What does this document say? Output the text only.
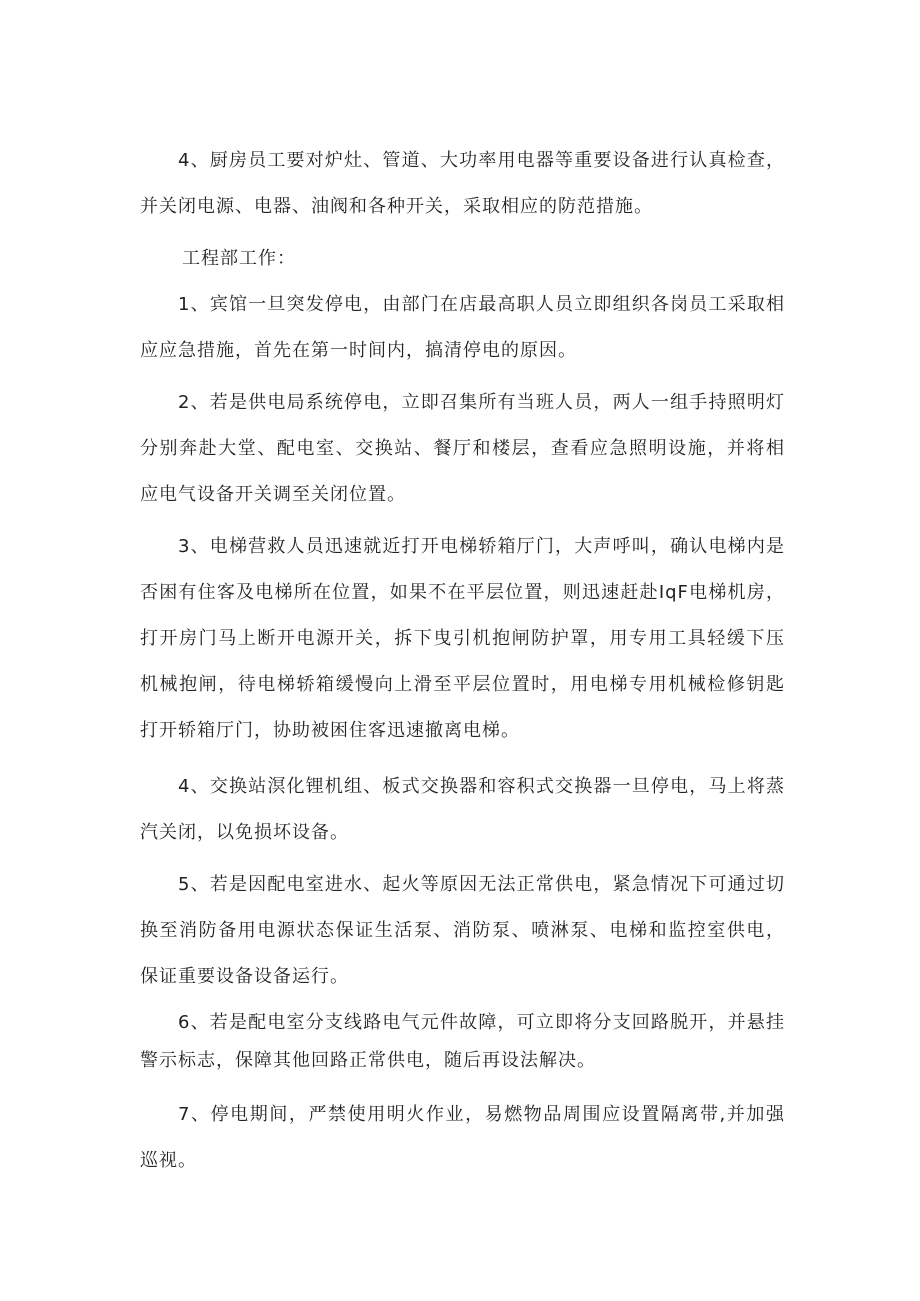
4、厨房员工要对炉灶、管道、大功率用电器等重要设备进行认真检查，并关闭电源、电器、油阀和各种开关，采取相应的防范措施。

工程部工作：

1、宾馆一旦突发停电，由部门在店最高职人员立即组织各岗员工采取相应应急措施，首先在第一时间内，搞清停电的原因。

2、若是供电局系统停电，立即召集所有当班人员，两人一组手持照明灯分别奔赴大堂、配电室、交换站、餐厅和楼层，查看应急照明设施，并将相应电气设备开关调至关闭位置。

3、电梯营救人员迅速就近打开电梯轿箱厅门，大声呼叫，确认电梯内是否困有住客及电梯所在位置，如果不在平层位置，则迅速赶赴IqF电梯机房，打开房门马上断开电源开关，拆下曳引机抱闸防护罩，用专用工具轻缓下压机械抱闸，待电梯轿箱缓慢向上滑至平层位置时，用电梯专用机械检修钥匙打开轿箱厅门，协助被困住客迅速撤离电梯。

4、交换站溟化锂机组、板式交换器和容积式交换器一旦停电，马上将蒸汽关闭，以免损坏设备。

5、若是因配电室进水、起火等原因无法正常供电，紧急情况下可通过切换至消防备用电源状态保证生活泵、消防泵、喷淋泵、电梯和监控室供电，保证重要设备设备运行。

6、若是配电室分支线路电气元件故障，可立即将分支回路脱开，并悬挂警示标志，保障其他回路正常供电，随后再设法解决。

7、停电期间，严禁使用明火作业，易燃物品周围应设置隔离带,并加强巡视。
